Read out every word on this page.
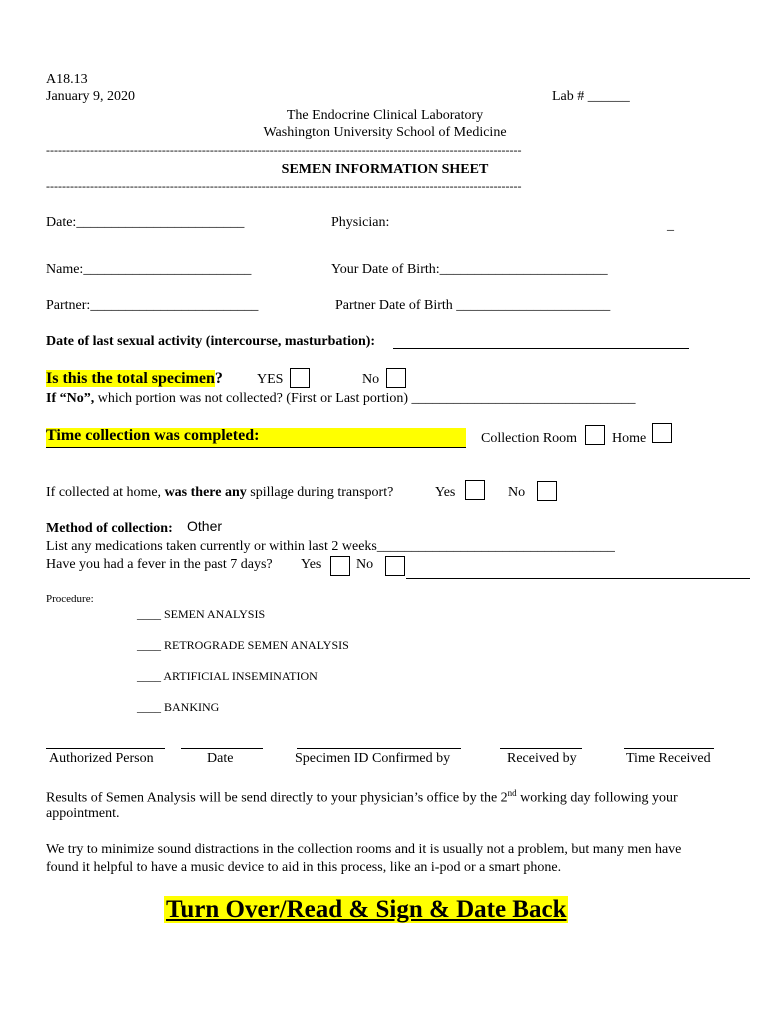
A18.13
January 9, 2020	Lab # ______
The Endocrine Clinical Laboratory
Washington University School of Medicine
-----------------------------------------------------------------------------------------------------------------------
SEMEN INFORMATION SHEET
-----------------------------------------------------------------------------------------------------------------------
Date:________________________	Physician:	_
Name:________________________	Your Date of Birth:________________________
Partner:________________________	Partner Date of Birth ______________________
Date of last sexual activity (intercourse, masturbation):
Is this the total specimen? YES	No
If “No”, which portion was not collected? (First or Last portion) ________________________________
Time collection was completed:	Collection Room Home
If collected at home, was there any spillage during transport?	Yes	No
Method of collection: Other
List any medications taken currently or within last 2 weeks__________________________________
Have you had a fever in the past 7 days? Yes No
Procedure:
____ SEMEN ANALYSIS
____ RETROGRADE SEMEN ANALYSIS
____ ARTIFICIAL INSEMINATION
____ BANKING
Authorized Person	Date	Specimen ID Confirmed by	Received by	Time Received
Results of Semen Analysis will be send directly to your physician’s office by the 2nd working day following your
appointment.
We try to minimize sound distractions in the collection rooms and it is usually not a problem, but many men have
found it helpful to have a music device to aid in this process, like an i-pod or a smart phone.
Turn Over/Read & Sign & Date Back
